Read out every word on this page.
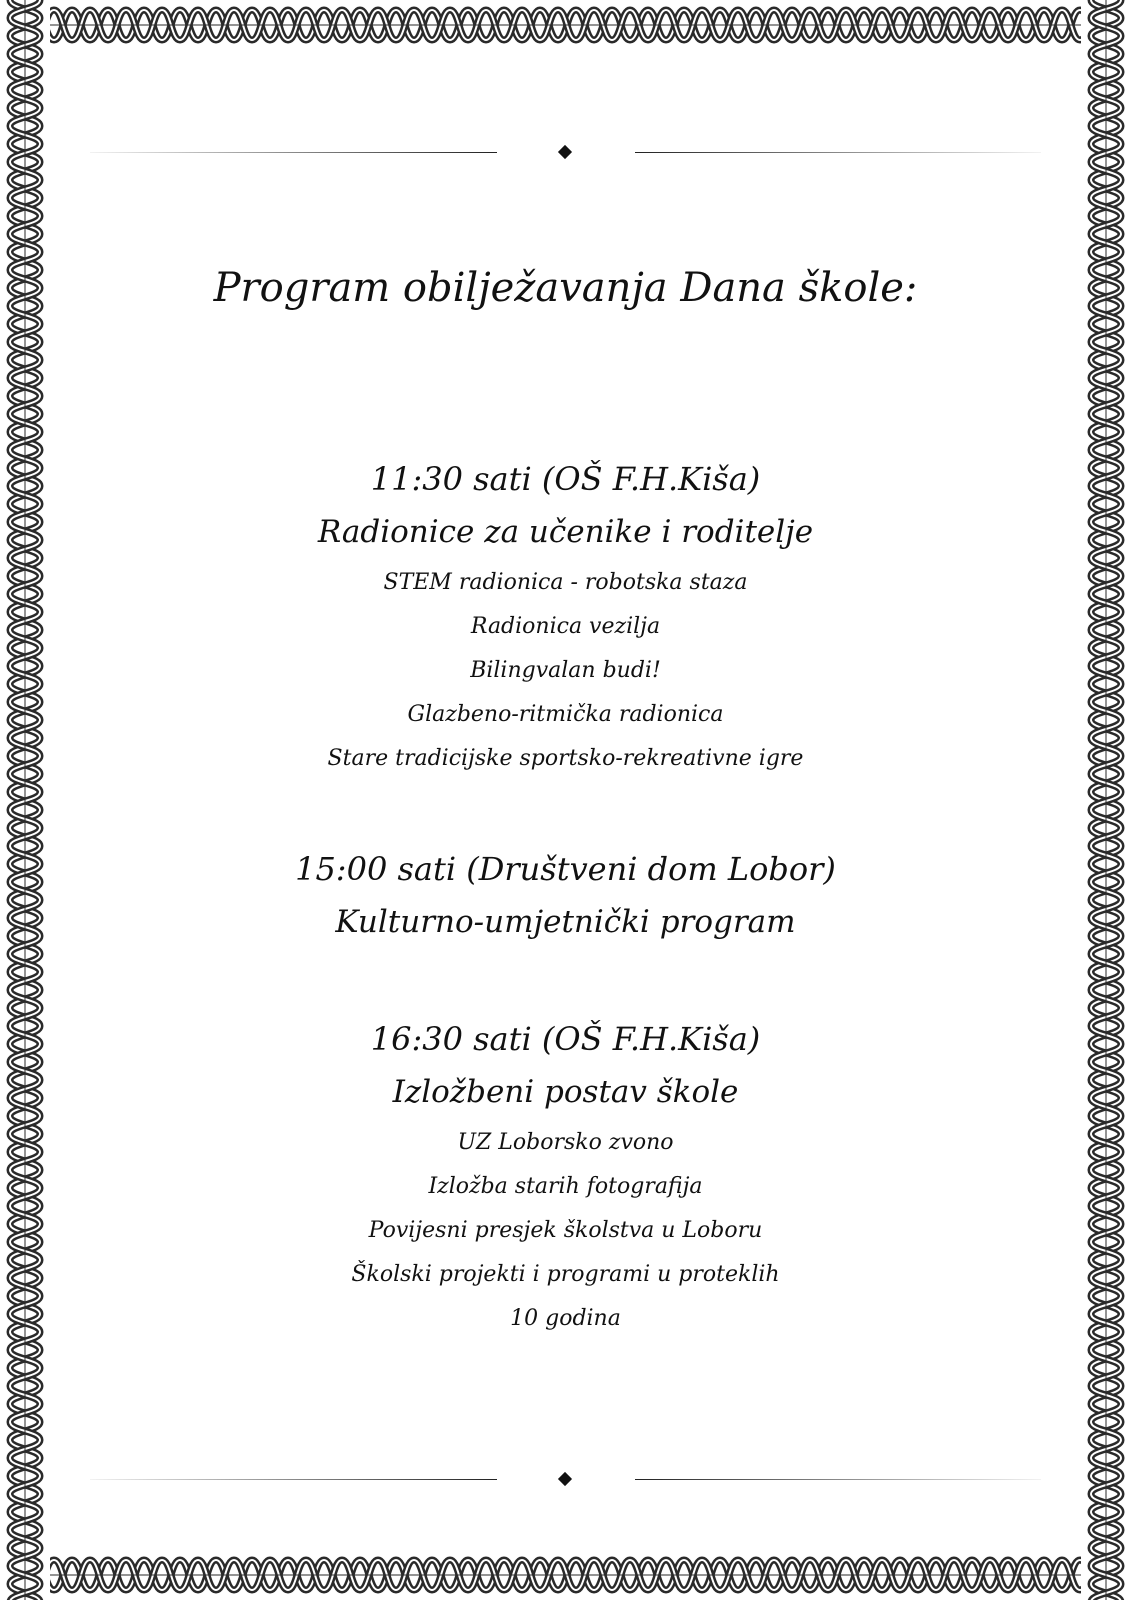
Program obilježavanja Dana škole:
11:30 sati (OŠ F.H.Kiša)
Radionice za učenike i roditelje
STEM radionica - robotska staza
Radionica vezilja
Bilingvalan budi!
Glazbeno-ritmička radionica
Stare tradicijske sportsko-rekreativne igre
15:00 sati (Društveni dom Lobor)
Kulturno-umjetnički program
16:30 sati (OŠ F.H.Kiša)
Izložbeni postav škole
UZ Loborsko zvono
Izložba starih fotografija
Povijesni presjek školstva u Loboru
Školski projekti i programi u proteklih
10 godina
